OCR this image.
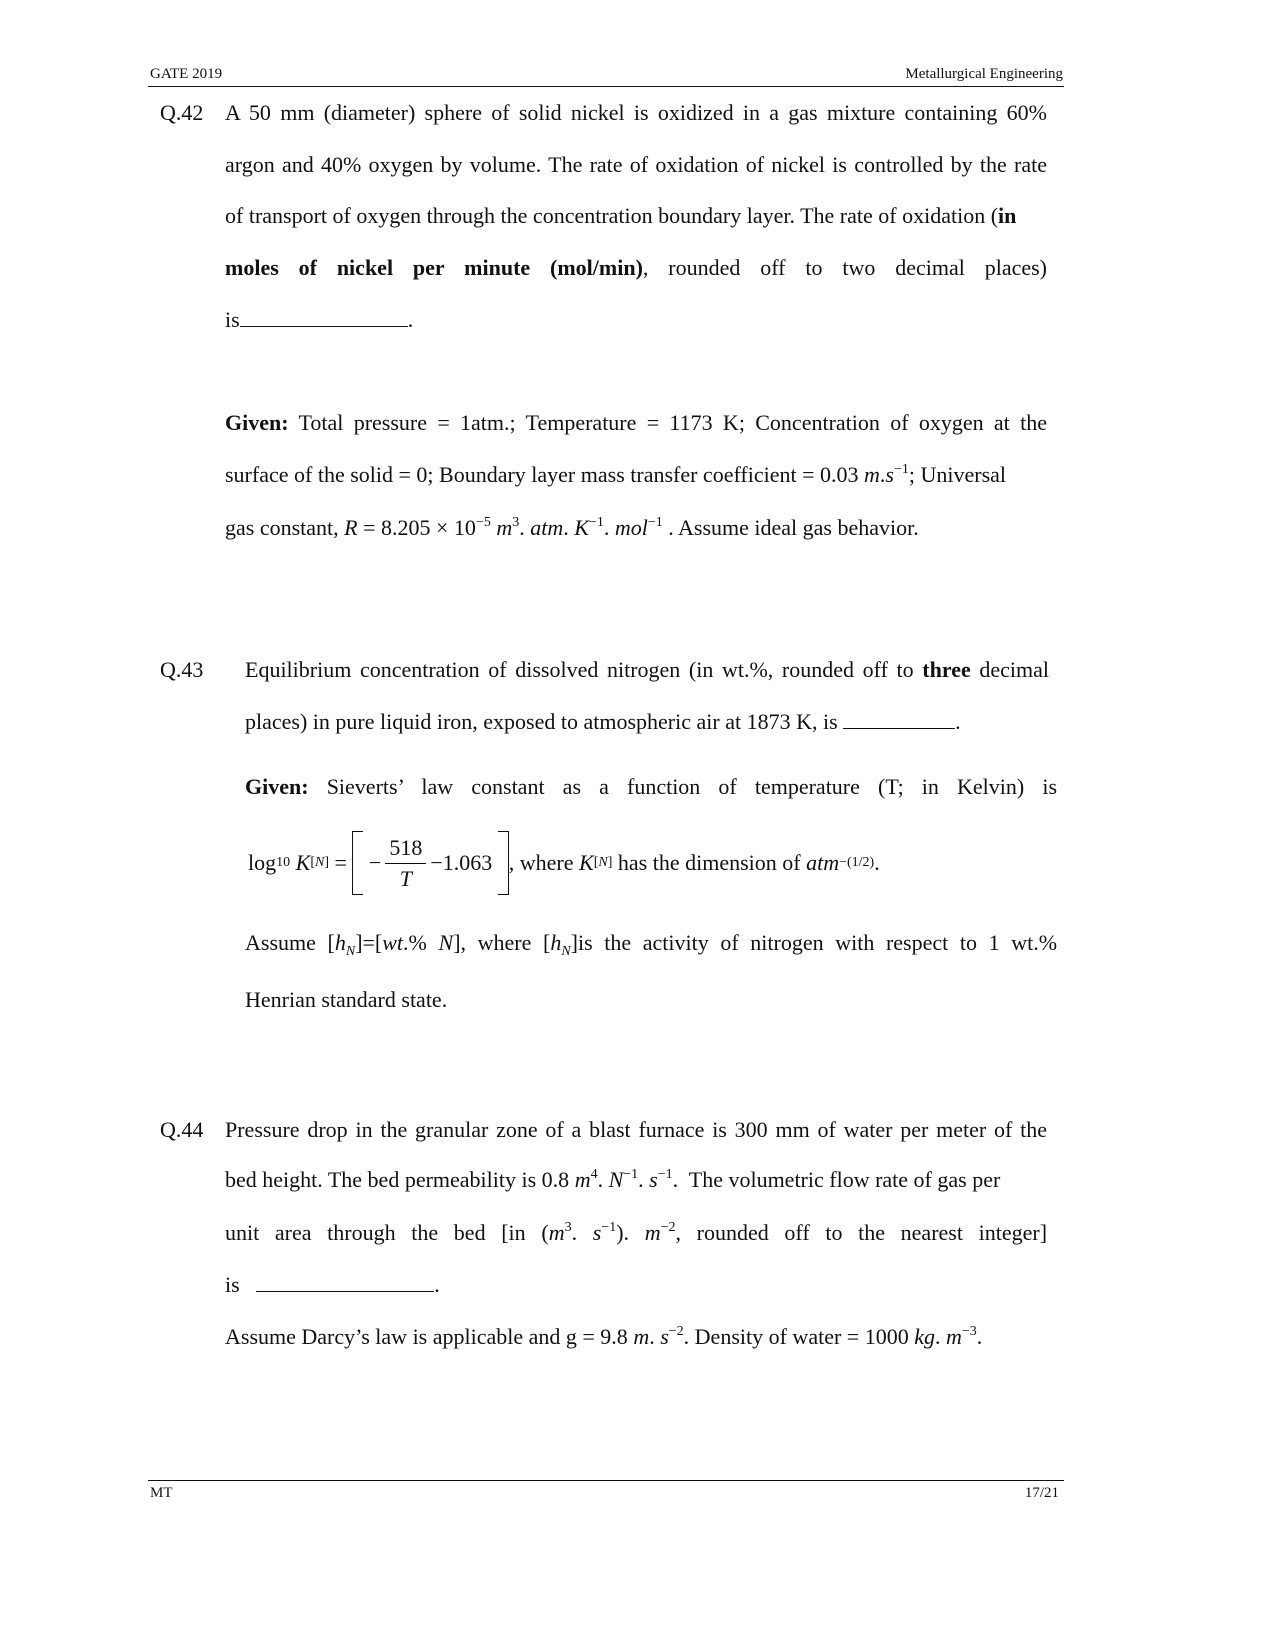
GATE 2019	Metallurgical Engineering
Q.42 A 50 mm (diameter) sphere of solid nickel is oxidized in a gas mixture containing 60%
argon and 40% oxygen by volume. The rate of oxidation of nickel is controlled by the rate
of transport of oxygen through the concentration boundary layer. The rate of oxidation (in
moles of nickel per minute (mol/min), rounded off to two decimal places)
is	.
Given: Total pressure = 1atm.; Temperature = 1173 K; Concentration of oxygen at the
surface of the solid = 0; Boundary layer mass transfer coefficient = 0.03 $m.s^{-1}$; Universal
gas constant, $R = 8.205 \times 10^{-5}$ $m^3$. atm. $K^{-1}$. mol$^{-1}$ . Assume ideal gas behavior.
Q.43 Equilibrium concentration of dissolved nitrogen (in wt.%, rounded off to three decimal
places) in pure liquid iron, exposed to atmospheric air at 1873 K, is	.
Given: Sieverts’ law constant as a function of temperature (T; in Kelvin) is
log 10
K [N] =
− $\frac{518}{T} -1.063$
, where
K [N]
has the dimension of
atm −(1/2) .
Assume $[h_N]=[wt.\%$ N], where $[h_N]is$ the activity of nitrogen with respect to 1 wt.%
Henrian standard state.
Q.44 Pressure drop in the granular zone of a blast furnace is 300 mm of water per meter of the
bed height. The bed permeability is 0.8 $m^4$. $N^{-1}$. $s^{-1}$.  The volumetric flow rate of gas per
unit area through the bed [in ($m^3$. $s^{-1}$). $m^{-2}$, rounded off to the nearest integer]
is	.
Assume Darcy’s law is applicable and g = 9.8 m. $s^{-2}$. Density of water = 1000 kg. $m^{-3}$.
MT	17/21
